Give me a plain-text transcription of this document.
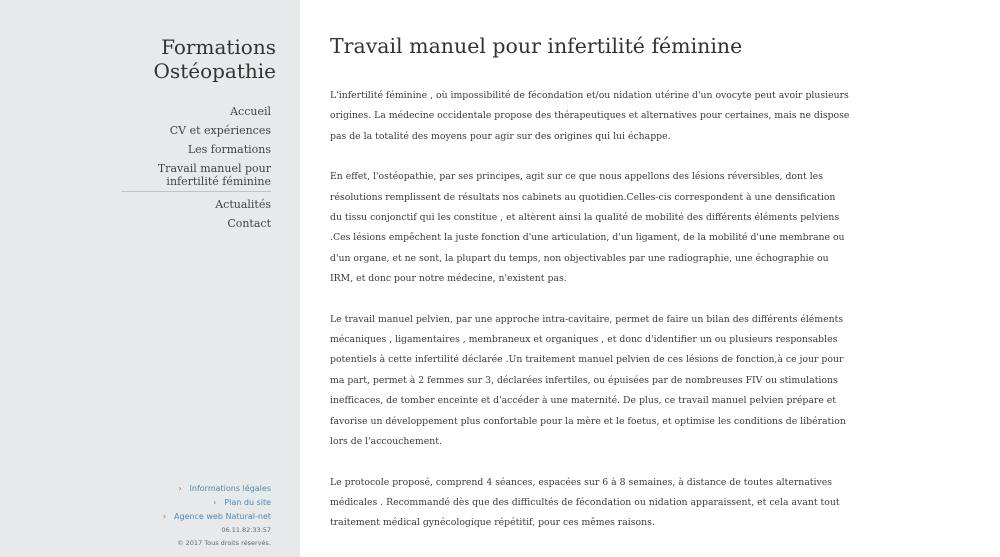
Formations
Ostéopathie
Accueil
CV et expériences
Les formations
Travail manuel pour
infertilité féminine
Actualités
Contact
› Informations légales
› Plan du site
› Agence web Natural-net
06.11.82.33.57
© 2017 Tous droits réservés.
Travail manuel pour infertilité féminine

L'infertilité féminine , où impossibilité de fécondation et/ou nidation utérine d'un ovocyte peut avoir plusieurs origines. La médecine occidentale propose des thérapeutiques et alternatives pour certaines, mais ne dispose pas de la totalité des moyens pour agir sur des origines qui lui échappe.

En effet, l'ostéopathie, par ses principes, agit sur ce que nous appellons des lésions réversibles, dont les résolutions remplissent de résultats nos cabinets au quotidien.Celles-cis correspondent à une densification du tissu conjonctif qui les constitue , et altèrent ainsi la qualité de mobilité des différents éléments pelviens .Ces lésions empêchent la juste fonction d'une articulation, d'un ligament, de la mobilité d'une membrane ou d'un organe, et ne sont, la plupart du temps, non objectivables par une radiographie, une échographie ou IRM, et donc pour notre médecine, n'existent pas.

Le travail manuel pelvien, par une approche intra-cavitaire, permet de faire un bilan des différents éléments mécaniques , ligamentaires , membraneux et organiques , et donc d'identifier un ou plusieurs responsables potentiels à cette infertilité déclarée .Un traitement manuel pelvien de ces lésions de fonction,à ce jour pour ma part, permet à 2 femmes sur 3, déclarées infertiles, ou épuisées par de nombreuses FIV ou stimulations inefficaces, de tomber enceinte et d'accéder à une maternité. De plus, ce travail manuel pelvien prépare et favorise un développement plus confortable pour la mère et le foetus, et optimise les conditions de libération lors de l'accouchement.

Le protocole proposé, comprend 4 séances, espacées sur 6 à 8 semaines, à distance de toutes alternatives médicales . Recommandé dès que des difficultés de fécondation ou nidation apparaissent, et cela avant tout traitement médical gynécologique répétitif, pour ces mêmes raisons.
